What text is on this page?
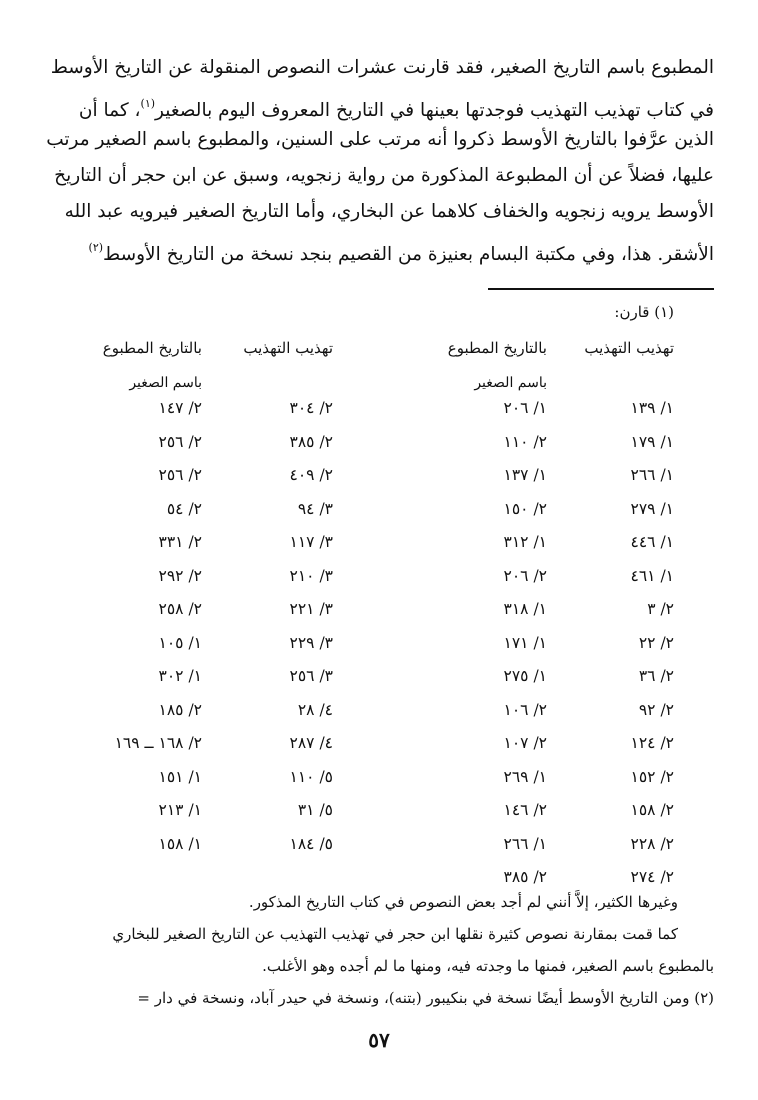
المطبوع باسم التاريخ الصغير، فقد قارنت عشرات النصوص المنقولة عن التاريخ الأوسط
في كتاب تهذيب التهذيب فوجدتها بعينها في التاريخ المعروف اليوم بالصغير$^{(١)}$، كما أن
الذين عرَّفوا بالتاريخ الأوسط ذكروا أنه مرتب على السنين، والمطبوع باسم الصغير مرتب
عليها، فضلاً عن أن المطبوعة المذكورة من رواية زنجويه، وسبق عن ابن حجر أن التاريخ
الأوسط يرويه زنجويه والخفاف كلاهما عن البخاري، وأما التاريخ الصغير فيرويه عبد الله
الأشقر. هذا، وفي مكتبة البسام بعنيزة من القصيم بنجد نسخة من التاريخ الأوسط$^{(٢)}$
(١) قارن:
تهذيب التهذيب
بالتاريخ المطبوع
باسم الصغير
تهذيب التهذيب
بالتاريخ المطبوع
باسم الصغير
١/ ١٣٩
١/ ١٧٩
١/ ٢٦٦
١/ ٢٧٩
١/ ٤٤٦
١/ ٤٦١
٢/ ٣
٢/ ٢٢
٢/ ٣٦
٢/ ٩٢
٢/ ١٢٤
٢/ ١٥٢
٢/ ١٥٨
٢/ ٢٢٨
٢/ ٢٧٤
١/ ٢٠٦
٢/ ١١٠
١/ ١٣٧
٢/ ١٥٠
١/ ٣١٢
٢/ ٢٠٦
١/ ٣١٨
١/ ١٧١
١/ ٢٧٥
٢/ ١٠٦
٢/ ١٠٧
١/ ٢٦٩
٢/ ١٤٦
١/ ٢٦٦
٢/ ٣٨٥
٢/ ٣٠٤
٢/ ٣٨٥
٢/ ٤٠٩
٣/ ٩٤
٣/ ١١٧
٣/ ٢١٠
٣/ ٢٢١
٣/ ٢٢٩
٣/ ٢٥٦
٤/ ٢٨
٤/ ٢٨٧
٥/ ١١٠
٥/ ٣١
٥/ ١٨٤
٢/ ١٤٧
٢/ ٢٥٦
٢/ ٢٥٦
٢/ ٥٤
٢/ ٣٣١
٢/ ٢٩٢
٢/ ٢٥٨
١/ ١٠٥
١/ ٣٠٢
٢/ ١٨٥
٢/ ١٦٨ ــ ١٦٩
١/ ١٥١
١/ ٢١٣
١/ ١٥٨
وغيرها الكثير، إلاَّ أنني لم أجد بعض النصوص في كتاب التاريخ المذكور.
كما قمت بمقارنة نصوص كثيرة نقلها ابن حجر في تهذيب التهذيب عن التاريخ الصغير للبخاري
بالمطبوع باسم الصغير، فمنها ما وجدته فيه، ومنها ما لم أجده وهو الأغلب.
(٢) ومن التاريخ الأوسط أيضًا نسخة في بنكيبور (بتنه)، ونسخة في حيدر آباد، ونسخة في دار =
٥٧
